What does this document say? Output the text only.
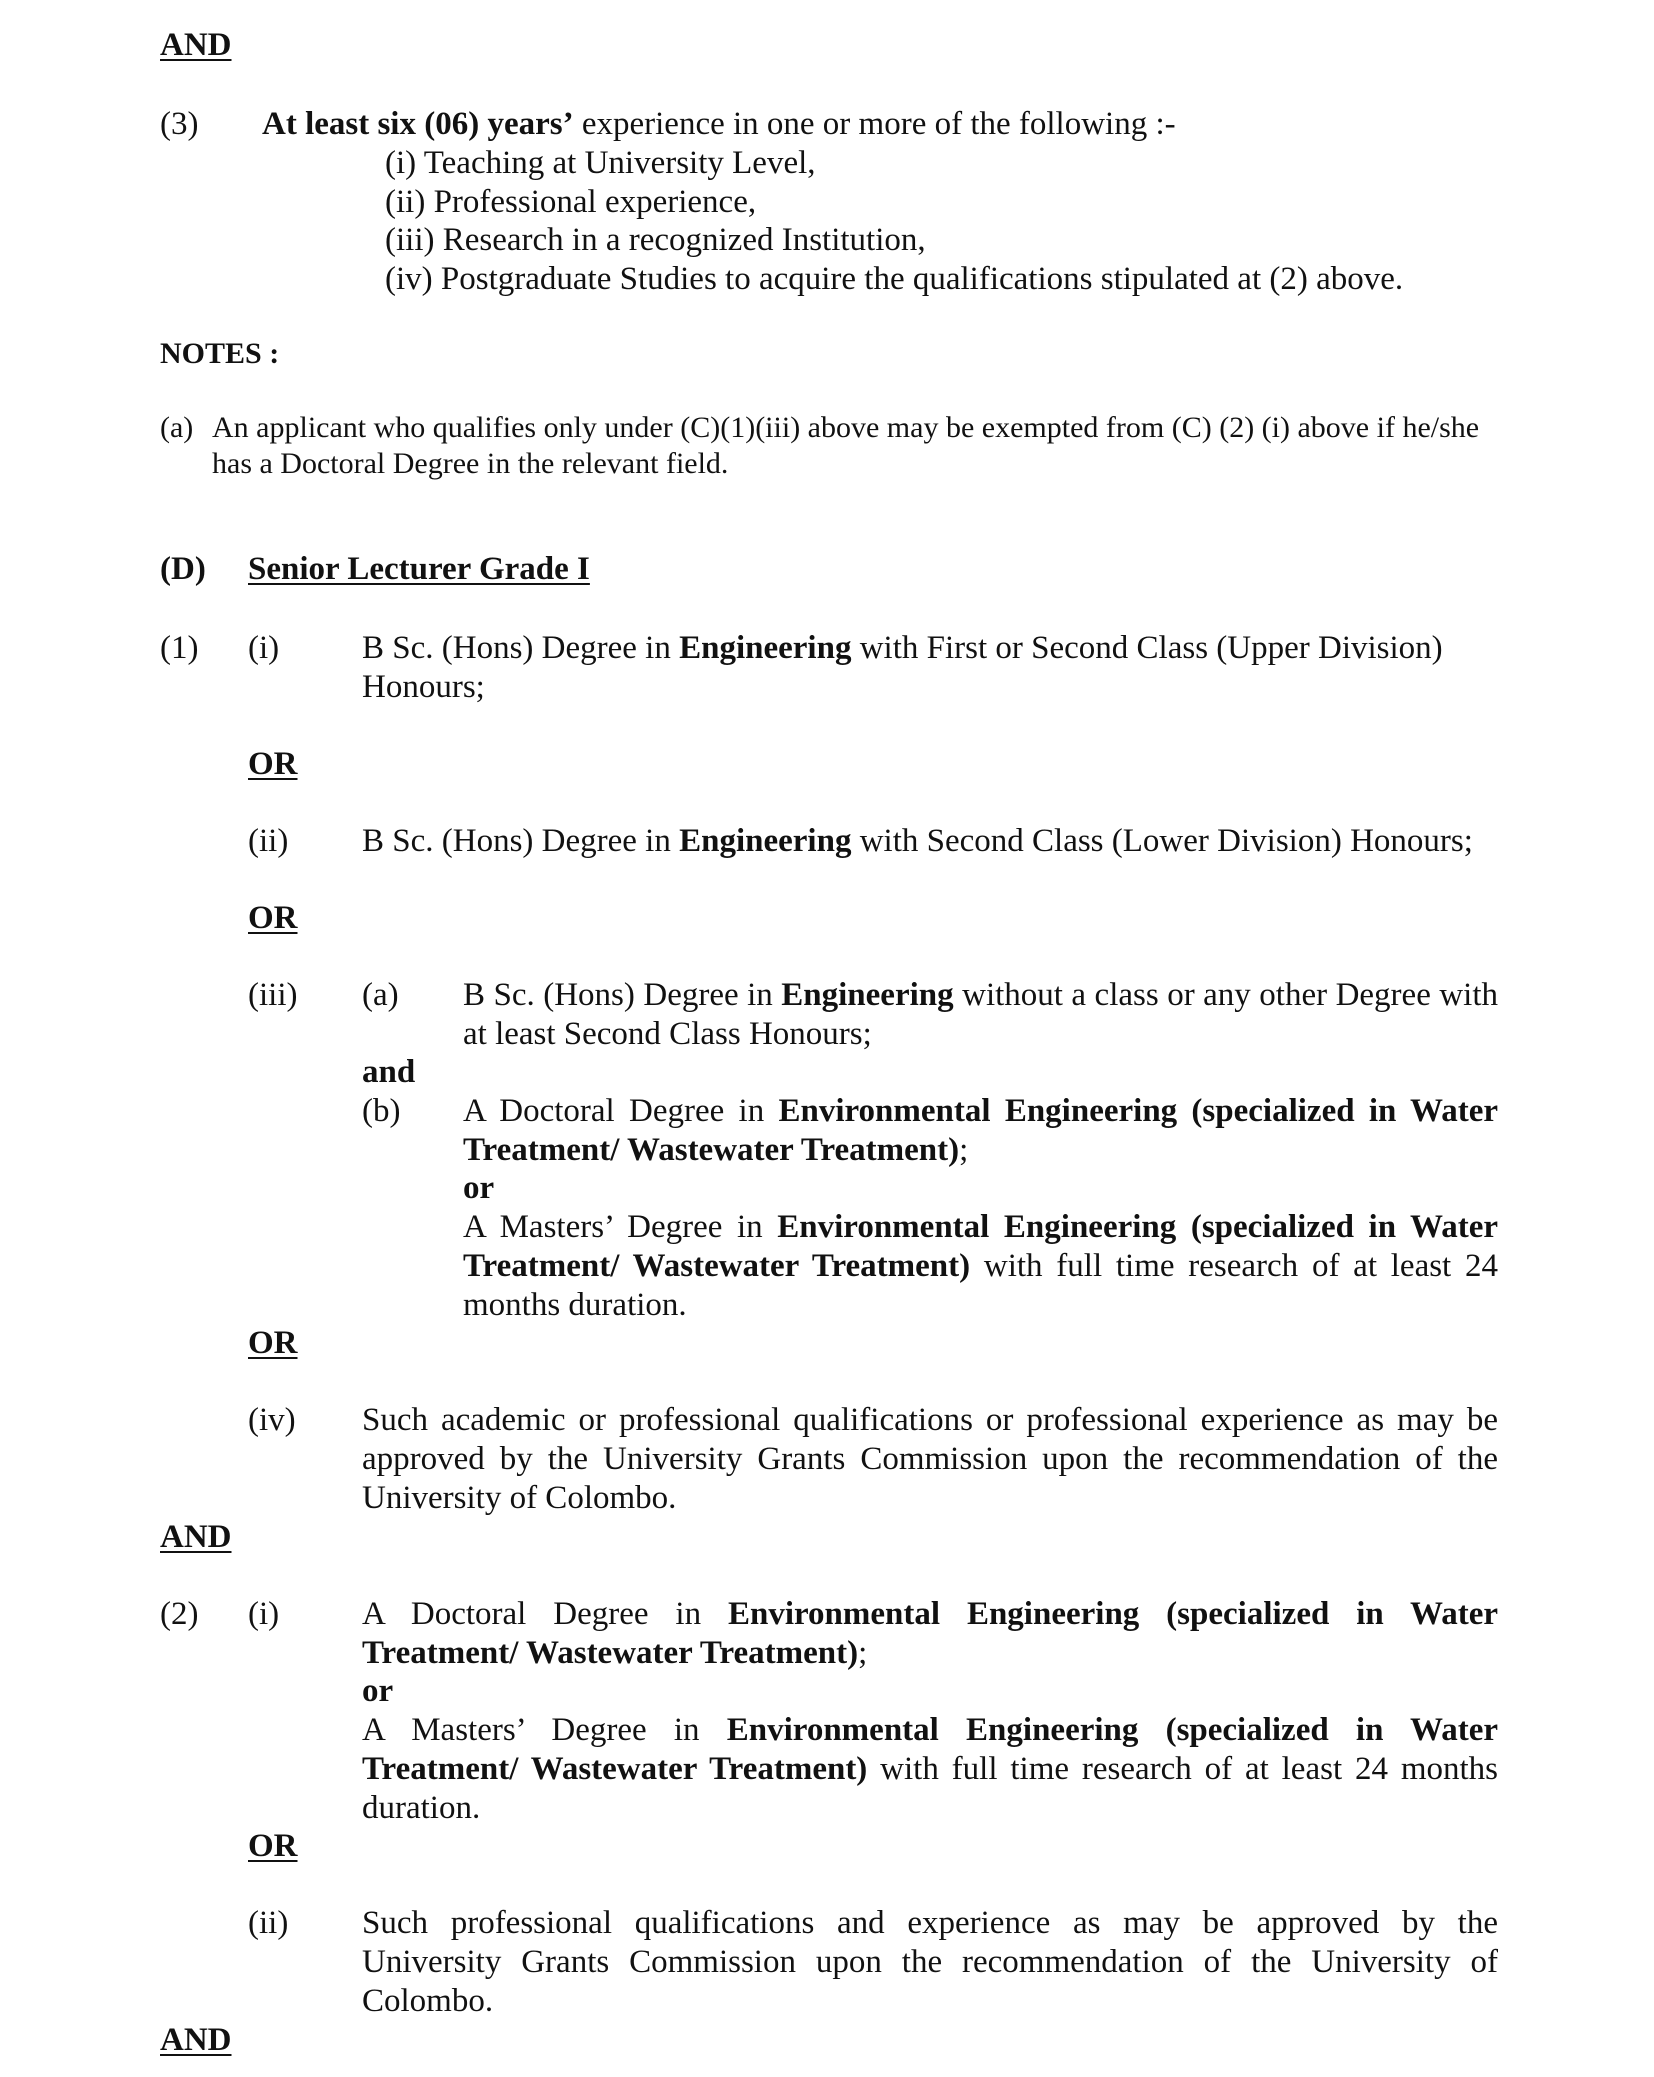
AND
(3) At least six (06) years’ experience in one or more of the following :-
(i) Teaching at University Level,
(ii) Professional experience,
(iii) Research in a recognized Institution,
(iv) Postgraduate Studies to acquire the qualifications stipulated at (2) above.
NOTES :
(a) An applicant who qualifies only under (C)(1)(iii) above may be exempted from (C) (2) (i) above if he/she
has a Doctoral Degree in the relevant field.
(D) Senior Lecturer Grade I
(1) (i)	B Sc. (Hons) Degree in Engineering with First or Second Class (Upper Division)
Honours;
OR
(ii) B Sc. (Hons) Degree in Engineering with Second Class (Lower Division) Honours;
OR
(iii) (a) B Sc. (Hons) Degree in Engineering without a class or any other Degree with
at least Second Class Honours;
and
(b) A Doctoral Degree in Environmental Engineering (specialized in Water
Treatment/ Wastewater Treatment);
or
A Masters’ Degree in Environmental Engineering (specialized in Water
Treatment/ Wastewater Treatment) with full time research of at least 24
months duration.
OR
(iv) Such academic or professional qualifications or professional experience as may be
approved by the University Grants Commission upon the recommendation of the
University of Colombo.
AND
(2) (i)	A Doctoral Degree in Environmental Engineering (specialized in Water
Treatment/ Wastewater Treatment);
or
A Masters’ Degree in Environmental Engineering (specialized in Water
Treatment/ Wastewater Treatment) with full time research of at least 24 months
duration.
OR
(ii) Such professional qualifications and experience as may be approved by the
University Grants Commission upon the recommendation of the University of
Colombo.
AND
